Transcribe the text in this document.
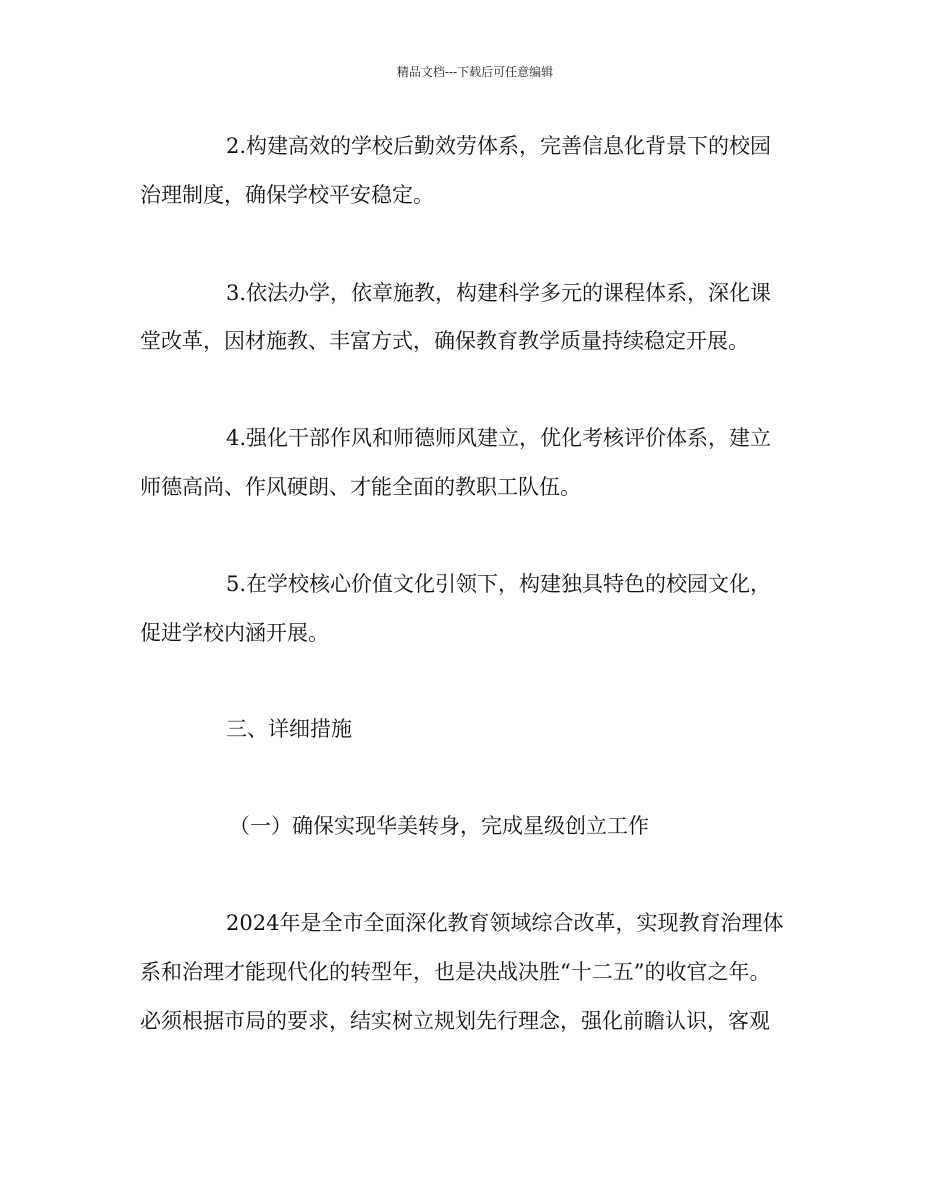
精品文档---下载后可任意编辑
2.构建高效的学校后勤效劳体系，完善信息化背景下的校园
治理制度，确保学校平安稳定。
3.依法办学，依章施教，构建科学多元的课程体系，深化课
堂改革，因材施教、丰富方式，确保教育教学质量持续稳定开展。
4.强化干部作风和师德师风建立，优化考核评价体系，建立
师德高尚、作风硬朗、才能全面的教职工队伍。
5.在学校核心价值文化引领下，构建独具特色的校园文化，
促进学校内涵开展。
三、详细措施
（一）确保实现华美转身，完成星级创立工作
2024年是全市全面深化教育领域综合改革，实现教育治理体
系和治理才能现代化的转型年，也是决战决胜“十二五”的收官之年。
必须根据市局的要求，结实树立规划先行理念，强化前瞻认识，客观
